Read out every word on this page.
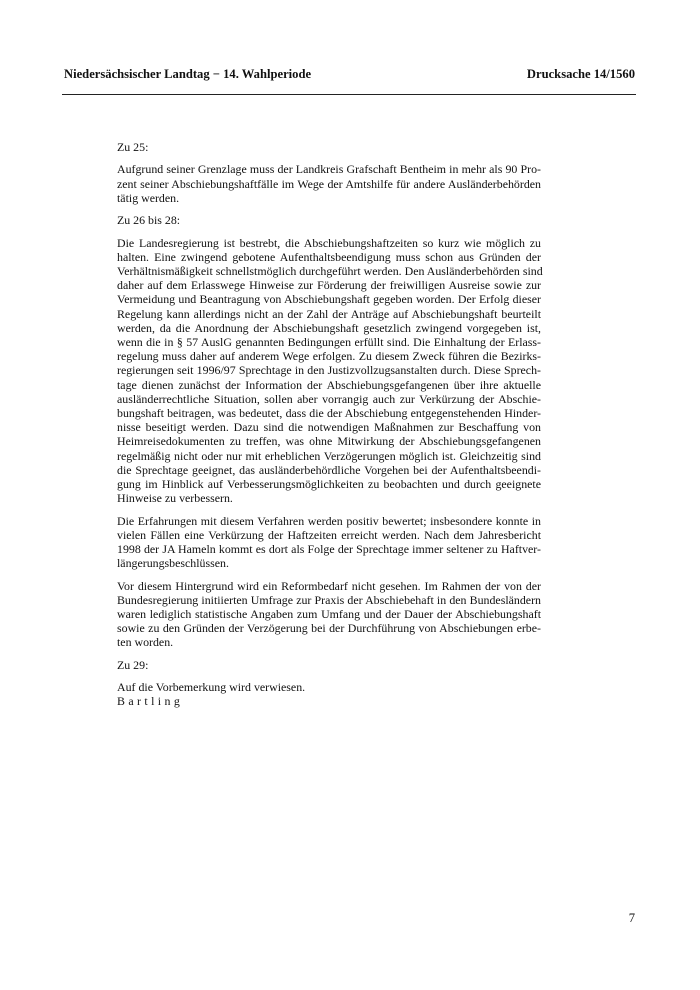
Niedersächsischer Landtag − 14. Wahlperiode	Drucksache 14/1560

Zu 25:

Aufgrund seiner Grenzlage muss der Landkreis Grafschaft Bentheim in mehr als 90 Pro-
zent seiner Abschiebungshaftfälle im Wege der Amtshilfe für andere Ausländerbehörden
tätig werden.

Zu 26 bis 28:

Die Landesregierung ist bestrebt, die Abschiebungshaftzeiten so kurz wie möglich zu
halten. Eine zwingend gebotene Aufenthaltsbeendigung muss schon aus Gründen der
Verhältnismäßigkeit schnellstmöglich durchgeführt werden. Den Ausländerbehörden sind
daher auf dem Erlasswege Hinweise zur Förderung der freiwilligen Ausreise sowie zur
Vermeidung und Beantragung von Abschiebungshaft gegeben worden. Der Erfolg dieser
Regelung kann allerdings nicht an der Zahl der Anträge auf Abschiebungshaft beurteilt
werden, da die Anordnung der Abschiebungshaft gesetzlich zwingend vorgegeben ist,
wenn die in § 57 AuslG genannten Bedingungen erfüllt sind. Die Einhaltung der Erlass-
regelung muss daher auf anderem Wege erfolgen. Zu diesem Zweck führen die Bezirks-
regierungen seit 1996/97 Sprechtage in den Justizvollzugsanstalten durch. Diese Sprech-
tage dienen zunächst der Information der Abschiebungsgefangenen über ihre aktuelle
ausländerrechtliche Situation, sollen aber vorrangig auch zur Verkürzung der Abschie-
bungshaft beitragen, was bedeutet, dass die der Abschiebung entgegenstehenden Hinder-
nisse beseitigt werden. Dazu sind die notwendigen Maßnahmen zur Beschaffung von
Heimreisedokumenten zu treffen, was ohne Mitwirkung der Abschiebungsgefangenen
regelmäßig nicht oder nur mit erheblichen Verzögerungen möglich ist. Gleichzeitig sind
die Sprechtage geeignet, das ausländerbehördliche Vorgehen bei der Aufenthaltsbeendi-
gung im Hinblick auf Verbesserungsmöglichkeiten zu beobachten und durch geeignete
Hinweise zu verbessern.

Die Erfahrungen mit diesem Verfahren werden positiv bewertet; insbesondere konnte in
vielen Fällen eine Verkürzung der Haftzeiten erreicht werden. Nach dem Jahresbericht
1998 der JA Hameln kommt es dort als Folge der Sprechtage immer seltener zu Haftver-
längerungsbeschlüssen.

Vor diesem Hintergrund wird ein Reformbedarf nicht gesehen. Im Rahmen der von der
Bundesregierung initiierten Umfrage zur Praxis der Abschiebehaft in den Bundesländern
waren lediglich statistische Angaben zum Umfang und der Dauer der Abschiebungshaft
sowie zu den Gründen der Verzögerung bei der Durchführung von Abschiebungen erbe-
ten worden.

Zu 29:

Auf die Vorbemerkung wird verwiesen.

Bartling
7
